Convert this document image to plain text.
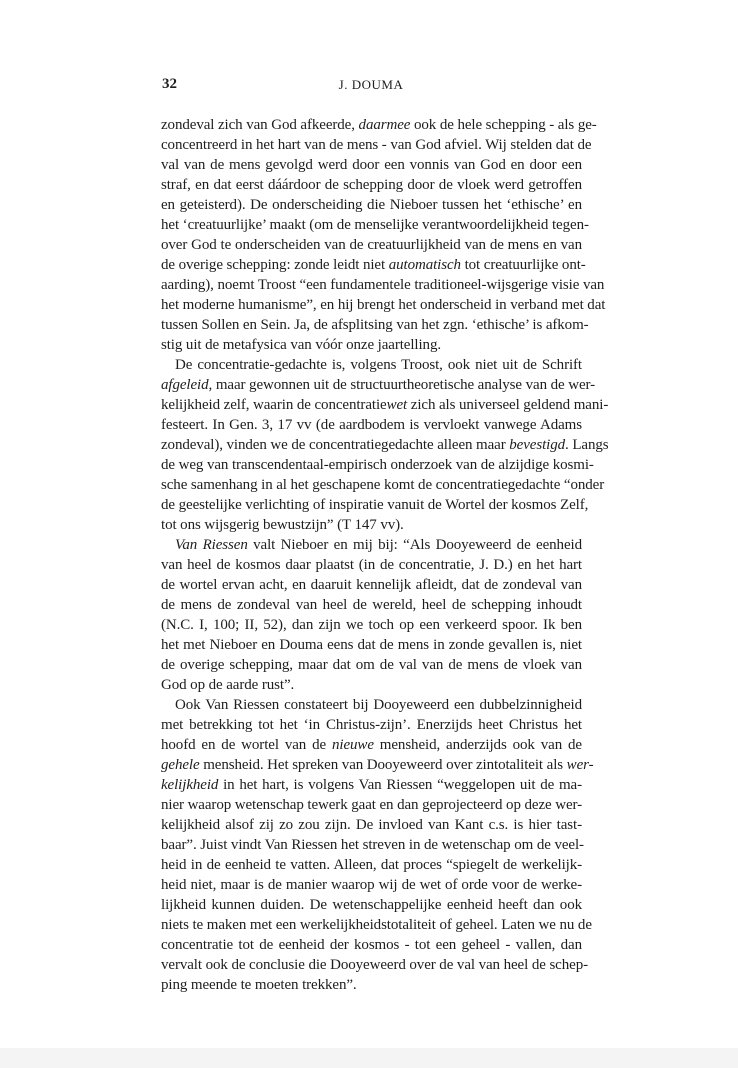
32	J. DOUMA
zondeval zich van God afkeerde, daarmee ook de hele schepping - als ge-
concentreerd in het hart van de mens - van God afviel. Wij stelden dat de
val van de mens gevolgd werd door een vonnis van God en door een
straf, en dat eerst dáárdoor de schepping door de vloek werd getroffen
en geteisterd). De onderscheiding die Nieboer tussen het ‘ethische’ en
het ‘creatuurlijke’ maakt (om de menselijke verantwoordelijkheid tegen-
over God te onderscheiden van de creatuurlijkheid van de mens en van
de overige schepping: zonde leidt niet automatisch tot creatuurlijke ont-
aarding), noemt Troost “een fundamentele traditioneel-wijsgerige visie van
het moderne humanisme”, en hij brengt het onderscheid in verband met dat
tussen Sollen en Sein. Ja, de afsplitsing van het zgn. ‘ethische’ is afkom-
stig uit de metafysica van vóór onze jaartelling.
De concentratie-gedachte is, volgens Troost, ook niet uit de Schrift
afgeleid, maar gewonnen uit de structuurtheoretische analyse van de wer-
kelijkheid zelf, waarin de concentratiewet zich als universeel geldend mani-
festeert. In Gen. 3, 17 vv (de aardbodem is vervloekt vanwege Adams
zondeval), vinden we de concentratiegedachte alleen maar bevestigd. Langs
de weg van transcendentaal-empirisch onderzoek van de alzijdige kosmi-
sche samenhang in al het geschapene komt de concentratiegedachte “onder
de geestelijke verlichting of inspiratie vanuit de Wortel der kosmos Zelf,
tot ons wijsgerig bewustzijn” (T 147 vv).
Van Riessen valt Nieboer en mij bij: “Als Dooyeweerd de eenheid
van heel de kosmos daar plaatst (in de concentratie, J. D.) en het hart
de wortel ervan acht, en daaruit kennelijk afleidt, dat de zondeval van
de mens de zondeval van heel de wereld, heel de schepping inhoudt
(N.C. I, 100; II, 52), dan zijn we toch op een verkeerd spoor. Ik ben
het met Nieboer en Douma eens dat de mens in zonde gevallen is, niet
de overige schepping, maar dat om de val van de mens de vloek van
God op de aarde rust”.
Ook Van Riessen constateert bij Dooyeweerd een dubbelzinnigheid
met betrekking tot het ‘in Christus-zijn’. Enerzijds heet Christus het
hoofd en de wortel van de nieuwe mensheid, anderzijds ook van de
gehele mensheid. Het spreken van Dooyeweerd over zintotaliteit als wer-
kelijkheid in het hart, is volgens Van Riessen “weggelopen uit de ma-
nier waarop wetenschap tewerk gaat en dan geprojecteerd op deze wer-
kelijkheid alsof zij zo zou zijn. De invloed van Kant c.s. is hier tast-
baar”. Juist vindt Van Riessen het streven in de wetenschap om de veel-
heid in de eenheid te vatten. Alleen, dat proces “spiegelt de werkelijk-
heid niet, maar is de manier waarop wij de wet of orde voor de werke-
lijkheid kunnen duiden. De wetenschappelijke eenheid heeft dan ook
niets te maken met een werkelijkheidstotaliteit of geheel. Laten we nu de
concentratie tot de eenheid der kosmos - tot een geheel - vallen, dan
vervalt ook de conclusie die Dooyeweerd over de val van heel de schep-
ping meende te moeten trekken”.
